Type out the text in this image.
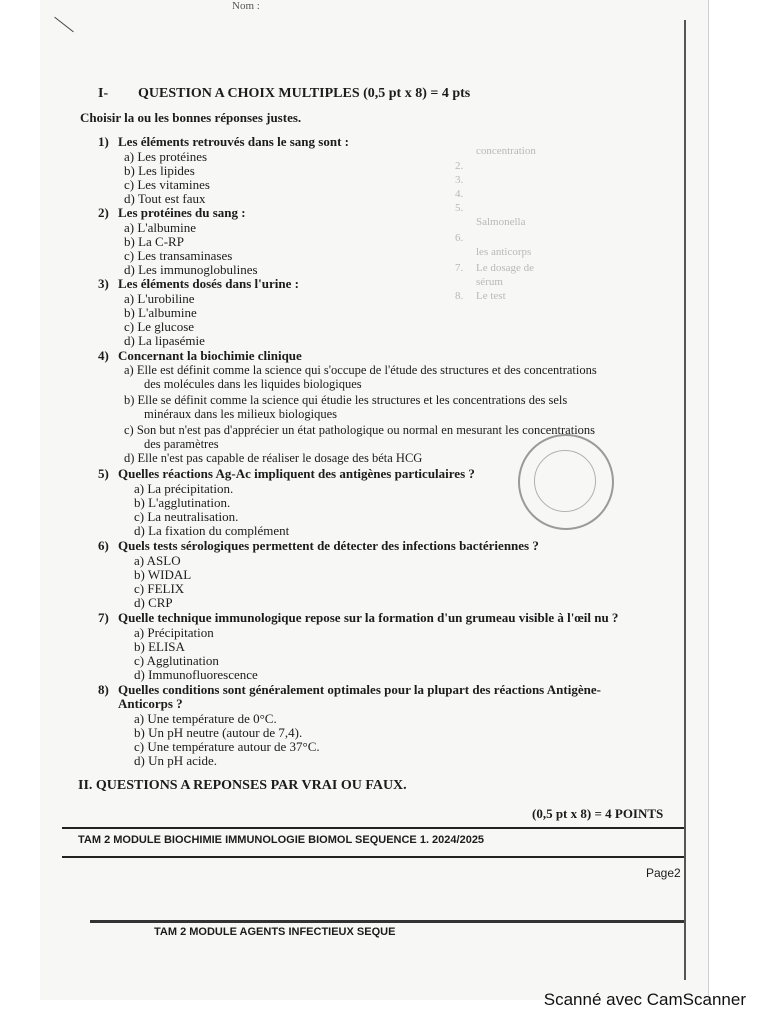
Nom :
I- QUESTION A CHOIX MULTIPLES (0,5 pt x 8) = 4 pts
Choisir la ou les bonnes réponses justes.
1) Les éléments retrouvés dans le sang sont :
a) Les protéines
b) Les lipides
c) Les vitamines
d) Tout est faux
2) Les protéines du sang :
a) L'albumine
b) La C-RP
c) Les transaminases
d) Les immunoglobulines
3) Les éléments dosés dans l'urine :
a) L'urobiline
b) L'albumine
c) Le glucose
d) La lipasémie
4) Concernant la biochimie clinique
a) Elle est définit comme la science qui s'occupe de l'étude des structures et des concentrations
des molécules dans les liquides biologiques
b) Elle se définit comme la science qui étudie les structures et les concentrations des sels
minéraux dans les milieux biologiques
c) Son but n'est pas d'apprécier un état pathologique ou normal en mesurant les concentrations
des paramètres
d) Elle n'est pas capable de réaliser le dosage des béta HCG
5) Quelles réactions Ag-Ac impliquent des antigènes particulaires ?
a) La précipitation.
b) L'agglutination.
c) La neutralisation.
d) La fixation du complément
6) Quels tests sérologiques permettent de détecter des infections bactériennes ?
a) ASLO
b) WIDAL
c) FELIX
d) CRP
7) Quelle technique immunologique repose sur la formation d'un grumeau visible à l'œil nu ?
a) Précipitation
b) ELISA
c) Agglutination
d) Immunofluorescence
8) Quelles conditions sont généralement optimales pour la plupart des réactions Antigène-
Anticorps ?
a) Une température de 0°C.
b) Un pH neutre (autour de 7,4).
c) Une température autour de 37°C.
d) Un pH acide.
2.
3.
4.
5.
concentration
Salmonella
6.
les anticorps
7. Le dosage de
sérum
8. Le test
II. QUESTIONS A REPONSES PAR VRAI OU FAUX.
(0,5 pt x 8) = 4 POINTS
TAM 2 MODULE BIOCHIMIE IMMUNOLOGIE BIOMOL SEQUENCE 1. 2024/2025
Page2
TAM 2 MODULE AGENTS INFECTIEUX SEQUE
Scanné avec CamScanner
